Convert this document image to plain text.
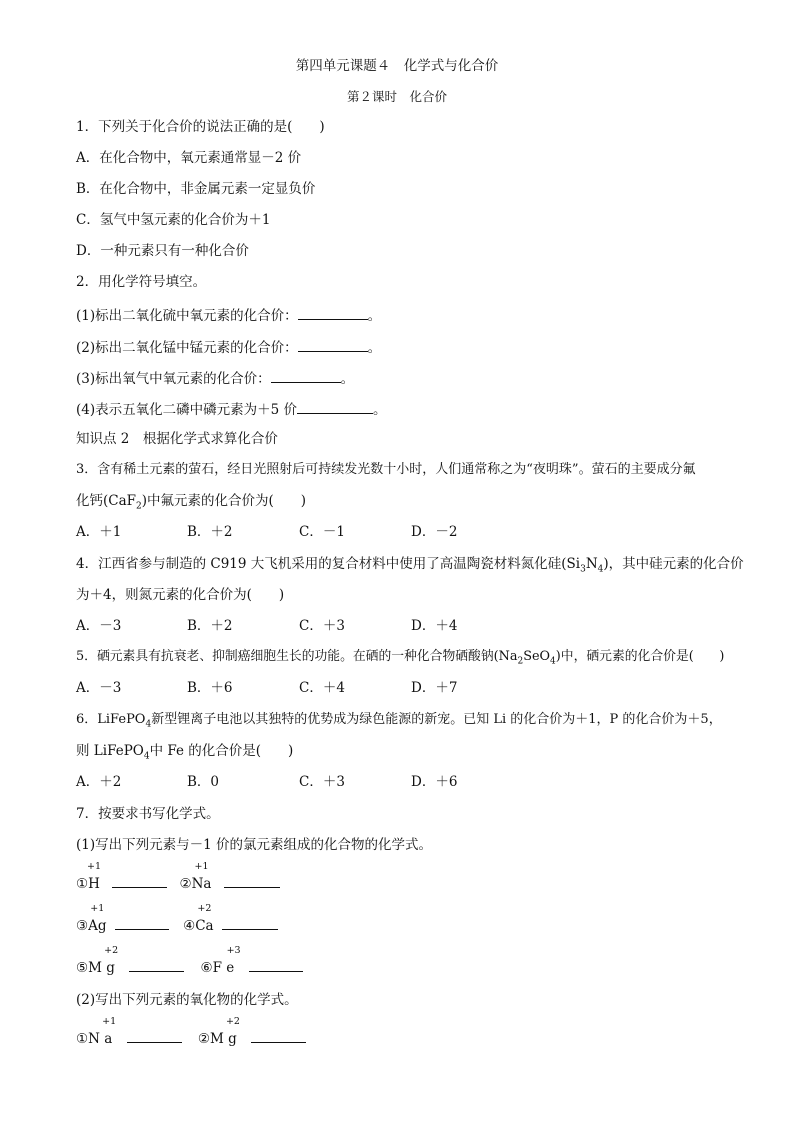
第四单元课题４　化学式与化合价
第２课时　化合价
1．下列关于化合价的说法正确的是(　　)
A．在化合物中，氧元素通常显－2 价
B．在化合物中，非金属元素一定显负价
C．氢气中氢元素的化合价为＋1
D．一种元素只有一种化合价
2．用化学符号填空。
(1)标出二氧化硫中氧元素的化合价：	。
(2)标出二氧化锰中锰元素的化合价：	。
(3)标出氧气中氧元素的化合价：	。
(4)表示五氧化二磷中磷元素为＋5 价	。
知识点 2　根据化学式求算化合价
3．含有稀土元素的萤石，经日光照射后可持续发光数十小时，人们通常称之为“夜明珠”。萤石的主要成分氟
化钙(CaF$_2$)中氟元素的化合价为(　　)
A．＋1	B．＋2	C．－1	D．－2
4．江西省参与制造的 C919 大飞机采用的复合材料中使用了高温陶瓷材料氮化硅$(Si_3N_4)$，其中硅元素的化合价
为＋4，则氮元素的化合价为(　　)
A．－3	B．＋2	C．＋3	D．＋4
5．硒元素具有抗衰老、抑制癌细胞生长的功能。在硒的一种化合物硒酸钠$(Na_2SeO_4)$中，硒元素的化合价是(　　)
A．－3	B．＋6	C．＋4	D．＋7
6．LiFePO$_4$新型锂离子电池以其独特的优势成为绿色能源的新宠。已知 Li 的化合价为＋1，P 的化合价为＋5，
则 LiFePO$_4$中 Fe 的化合价是(　　)
A．＋2	B．0	C．＋3	D．＋6
7．按要求书写化学式。
(1)写出下列元素与－1 价的氯元素组成的化合物的化学式。
①
+1
H	②
+1
Na
③
+1
Ag	④
+2
Ca
⑤
+2
M g	⑥
+3
F e
(2)写出下列元素的氧化物的化学式。
①
+1
N a	②
+2
M g
